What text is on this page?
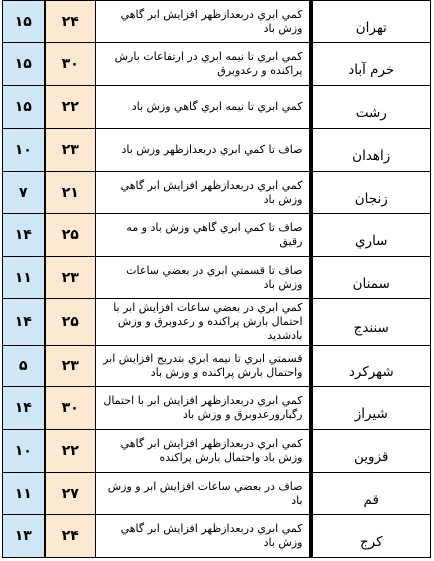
۱۵	۲۴	کمي ابري دربعدازظهر افزايش ابر گاهي وزش باد	تهران
۱۵	۳۰	کمي ابري تا نيمه ابري در ارتفاعات بارش پراکنده و رعدوبرق	خرم آباد
۱۵	۲۲	کمي ابري تا نيمه ابري گاهي وزش باد	رشت
۱۰	۲۳	صاف تا کمي ابري دربعدازظهر وزش باد	زاهدان
۷	۲۱	کمي ابري دربعدازظهر افزايش ابر گاهي وزش باد	زنجان
۱۴	۲۵	صاف تا کمي ابري گاهي وزش باد و مه رقيق	ساري
۱۱	۲۳	صاف تا قسمتي ابري در بعضي ساعات وزش باد	سمنان
۱۴	۲۵	کمي ابري در بعضي ساعات افزايش ابر با احتمال بارش پراکنده و رعدوبرق و وزش بادشديد	سنندج
۵	۲۳	قسمتي ابري تا نيمه ابري بتدريج افزايش ابر واحتمال بارش پراکنده و وزش باد	شهرکرد
۱۴	۳۰	کمي ابري دربعدازظهر افزايش ابر با احتمال رگبارورعدوبرق و وزش باد	شيراز
۱۰	۲۲	کمي ابري دربعدازظهر افزايش ابر گاهي وزش باد واحتمال بارش پراکنده	قزوين
۱۱	۲۷	صاف در بعضي ساعات افزايش ابر و وزش باد	قم
۱۳	۲۴	کمي ابري دربعدازظهر افزايش ابر گاهي وزش باد	کرج
